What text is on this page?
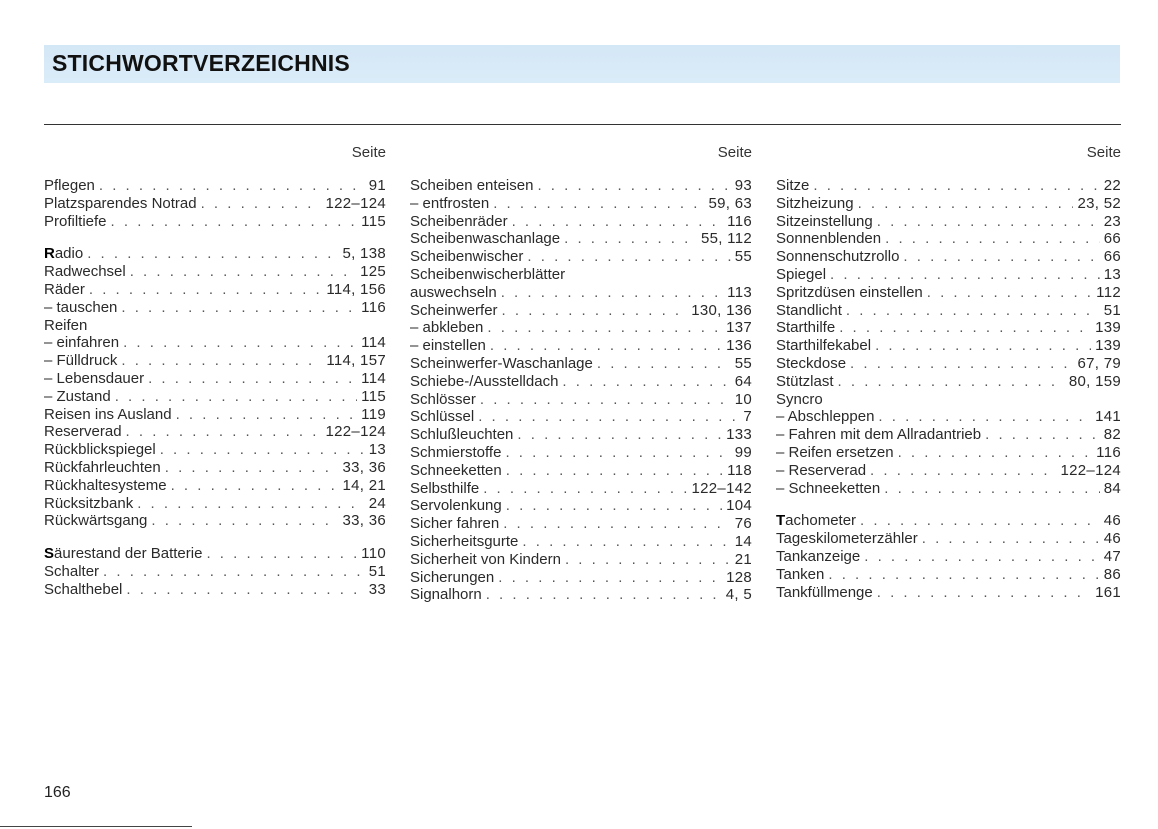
STICHWORTVERZEICHNIS
Seite
Pflegen . . .	91
Platzsparendes Notrad . . .	122–124
Profiltiefe . . .	115
Radio . . .	5, 138
Radwechsel . . .	125
Räder . . .	114, 156
– tauschen . . .	116
Reifen
– einfahren . . .	114
– Fülldruck . . .	114, 157
– Lebensdauer . . .	114
– Zustand . . .	115
Reisen ins Ausland . . .	119
Reserverad . . .	122–124
Rückblickspiegel . . .	13
Rückfahrleuchten . . .	33, 36
Rückhaltesysteme . . .	14, 21
Rücksitzbank . . .	24
Rückwärtsgang . . .	33, 36
Säurestand der Batterie . . .	110
Schalter . . .	51
Schalthebel . . .	33
Seite
Scheiben enteisen . . .	93
– entfrosten . . .	59, 63
Scheibenräder . . .	116
Scheibenwaschanlage . . .	55, 112
Scheibenwischer . . .	55
Scheibenwischerblätter
auswechseln . . .	113
Scheinwerfer . . .	130, 136
– abkleben . . .	137
– einstellen . . .	136
Scheinwerfer-Waschanlage . . .	55
Schiebe-/Ausstelldach . . .	64
Schlösser . . .	10
Schlüssel . . .	7
Schlußleuchten . . .	133
Schmierstoffe . . .	99
Schneeketten . . .	118
Selbsthilfe . . .	122–142
Servolenkung . . .	104
Sicher fahren . . .	76
Sicherheitsgurte . . .	14
Sicherheit von Kindern . . .	21
Sicherungen . . .	128
Signalhorn . . .	4, 5
Seite
Sitze . . .	22
Sitzheizung . . .	23, 52
Sitzeinstellung . . .	23
Sonnenblenden . . .	66
Sonnenschutzrollo . . .	66
Spiegel . . .	13
Spritzdüsen einstellen . . .	112
Standlicht . . .	51
Starthilfe . . .	139
Starthilfekabel . . .	139
Steckdose . . .	67, 79
Stützlast . . .	80, 159
Syncro
– Abschleppen . . .	141
– Fahren mit dem Allradantrieb . . .	82
– Reifen ersetzen . . .	116
– Reserverad . . .	122–124
– Schneeketten . . .	84
Tachometer . . .	46
Tageskilometerzähler . . .	46
Tankanzeige . . .	47
Tanken . . .	86
Tankfüllmenge . . .	161
166
